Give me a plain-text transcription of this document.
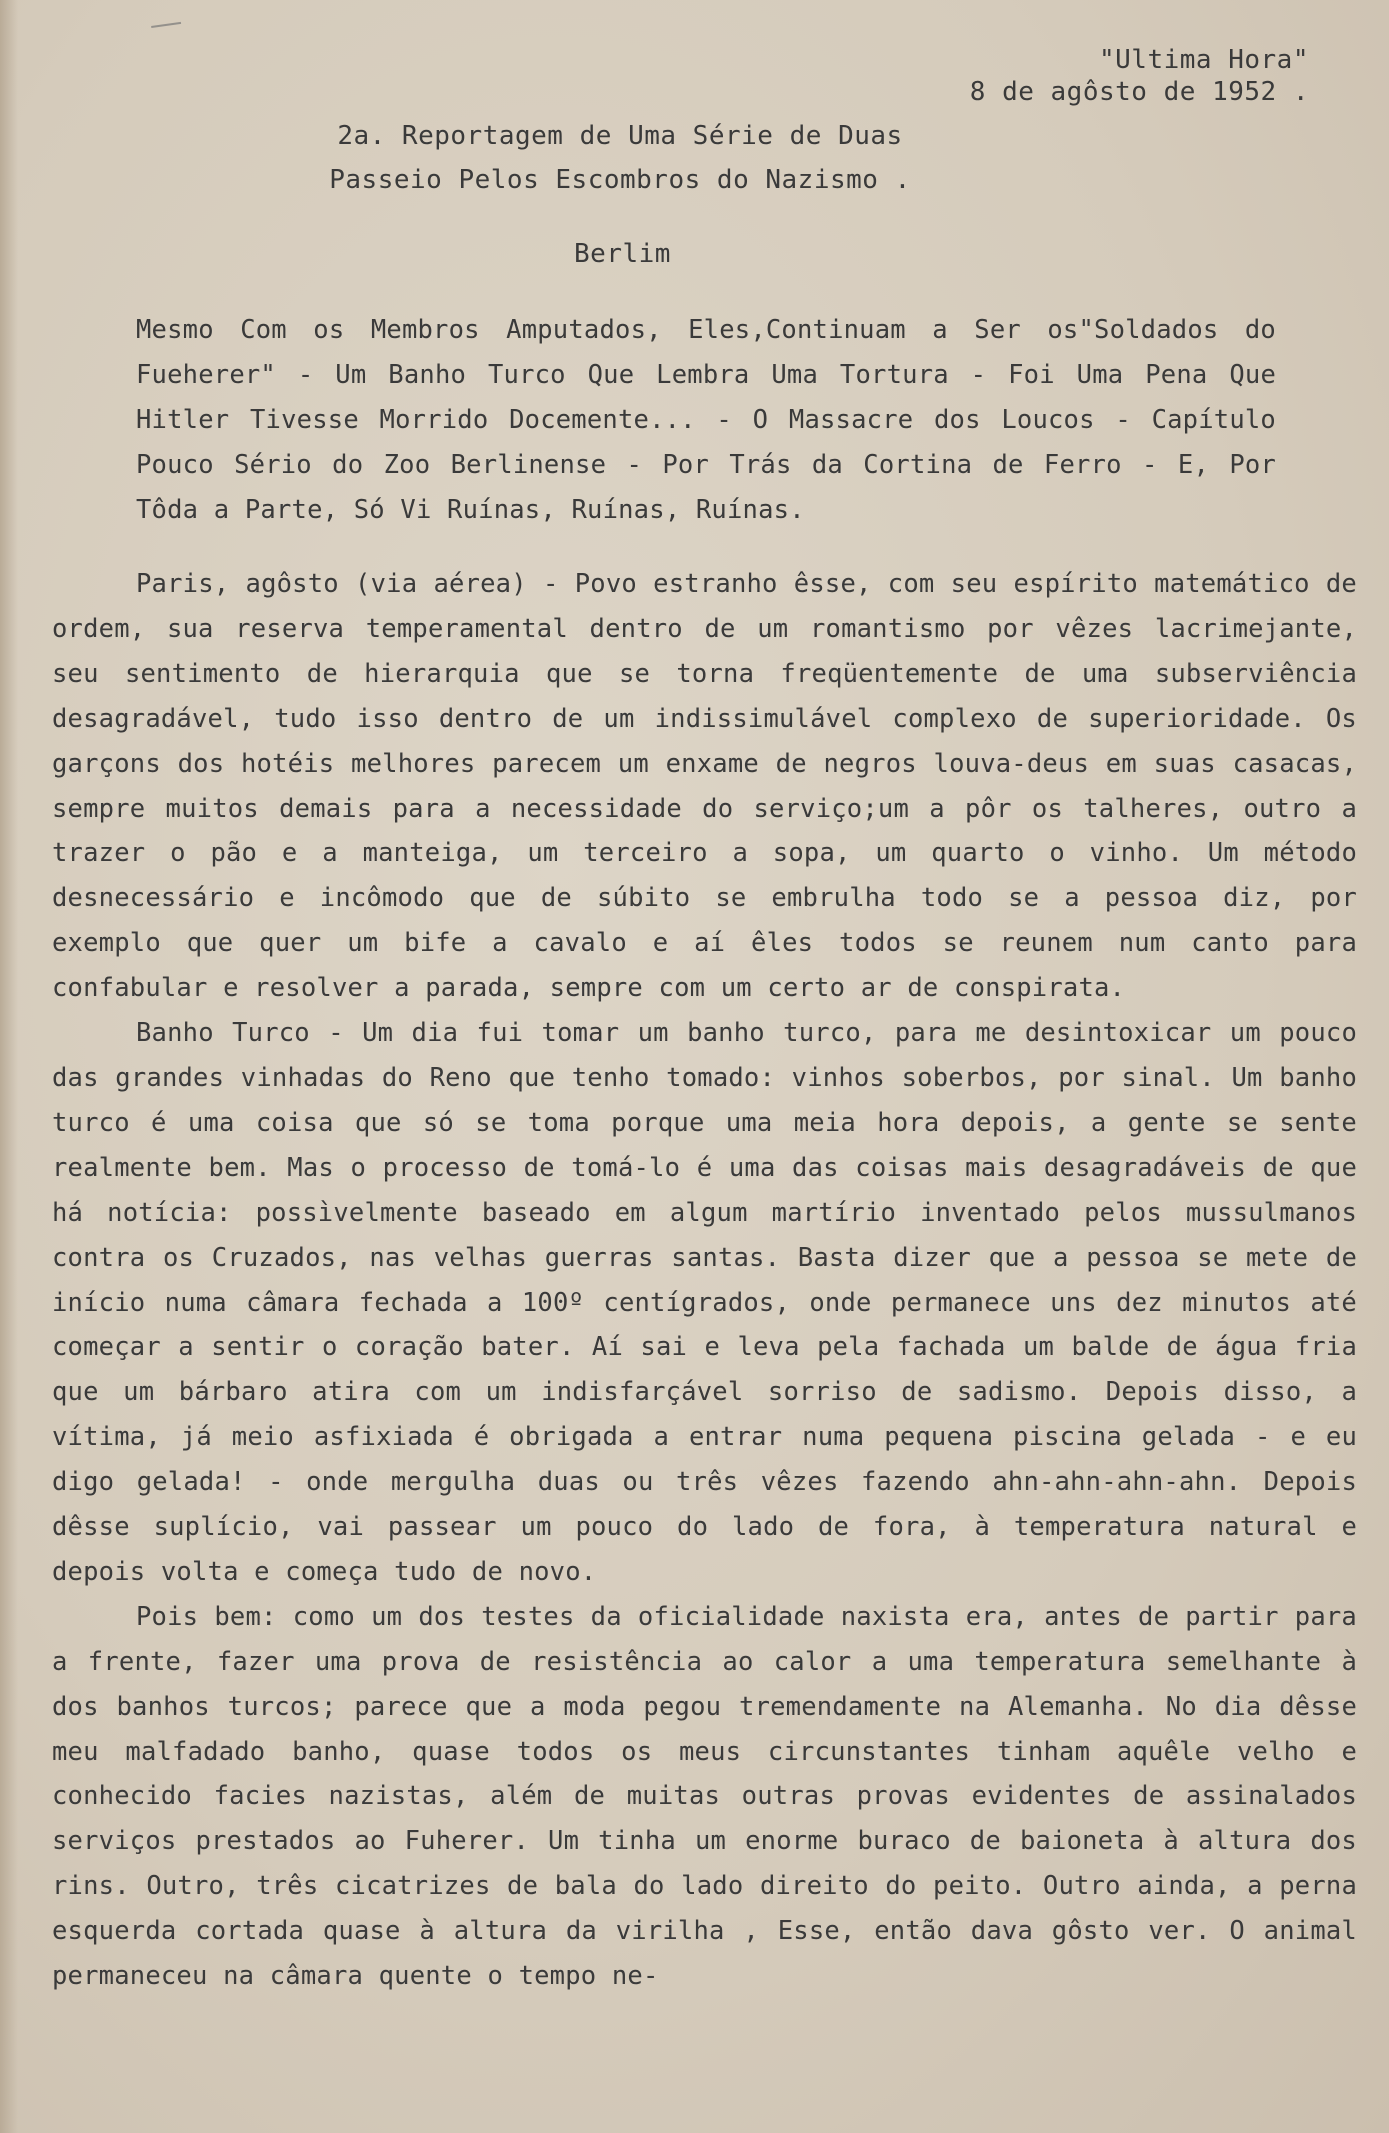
"Ultima Hora"
8 de agôsto de 1952 .
2a. Reportagem de Uma Série de Duas
Passeio Pelos Escombros do Nazismo .
Berlim
Mesmo Com os Membros Amputados, Eles,Continuam a Ser os"Soldados do Fueherer" - Um Banho Turco Que Lembra Uma Tortura - Foi Uma Pena Que Hitler Tivesse Morrido Docemente... - O Massacre dos Loucos - Capítulo Pouco Sério do Zoo Berlinense - Por Trás da Cortina de Ferro - E, Por Tôda a Parte, Só Vi Ruínas, Ruínas, Ruínas.

Paris, agôsto (via aérea) - Povo estranho êsse, com seu espírito matemático de ordem, sua reserva temperamental dentro de um romantismo por vêzes lacrimejante, seu sentimento de hierarquia que se torna freqüentemente de uma subserviência desagradável, tudo isso dentro de um indissimulável complexo de superioridade. Os garçons dos hotéis melhores parecem um enxame de negros louva-deus em suas casacas, sempre muitos demais para a necessidade do serviço;um a pôr os talheres, outro a trazer o pão e a manteiga, um terceiro a sopa, um quarto o vinho. Um método desnecessário e incômodo que de súbito se embrulha todo se a pessoa diz, por exemplo que quer um bife a cavalo e aí êles todos se reunem num canto para confabular e resolver a parada, sempre com um certo ar de conspirata.

Banho Turco - Um dia fui tomar um banho turco, para me desintoxicar um pouco das grandes vinhadas do Reno que tenho tomado: vinhos soberbos, por sinal. Um banho turco é uma coisa que só se toma porque uma meia hora depois, a gente se sente realmente bem. Mas o processo de tomá-lo é uma das coisas mais desagradáveis de que há notícia: possìvelmente baseado em algum martírio inventado pelos mussulmanos contra os Cruzados, nas velhas guerras santas. Basta dizer que a pessoa se mete de início numa câmara fechada a 100º centígrados, onde permanece uns dez minutos até começar a sentir o coração bater. Aí sai e leva pela fachada um balde de água fria que um bárbaro atira com um indisfarçável sorriso de sadismo. Depois disso, a vítima, já meio asfixiada é obrigada a entrar numa pequena piscina gelada - e eu digo gelada! - onde mergulha duas ou três vêzes fazendo ahn-ahn-ahn-ahn. Depois dêsse suplício, vai passear um pouco do lado de fora, à temperatura natural e depois volta e começa tudo de novo.

Pois bem: como um dos testes da oficialidade naxista era, antes de partir para a frente, fazer uma prova de resistência ao calor a uma temperatura semelhante à dos banhos turcos; parece que a moda pegou tremendamente na Alemanha. No dia dêsse meu malfadado banho, quase todos os meus circunstantes tinham aquêle velho e conhecido facies nazistas, além de muitas outras provas evidentes de assinalados serviços prestados ao Fuherer. Um tinha um enorme buraco de baioneta à altura dos rins. Outro, três cicatrizes de bala do lado direito do peito. Outro ainda, a perna esquerda cortada quase à altura da virilha , Esse, então dava gôsto ver. O animal permaneceu na câmara quente o tempo ne-
